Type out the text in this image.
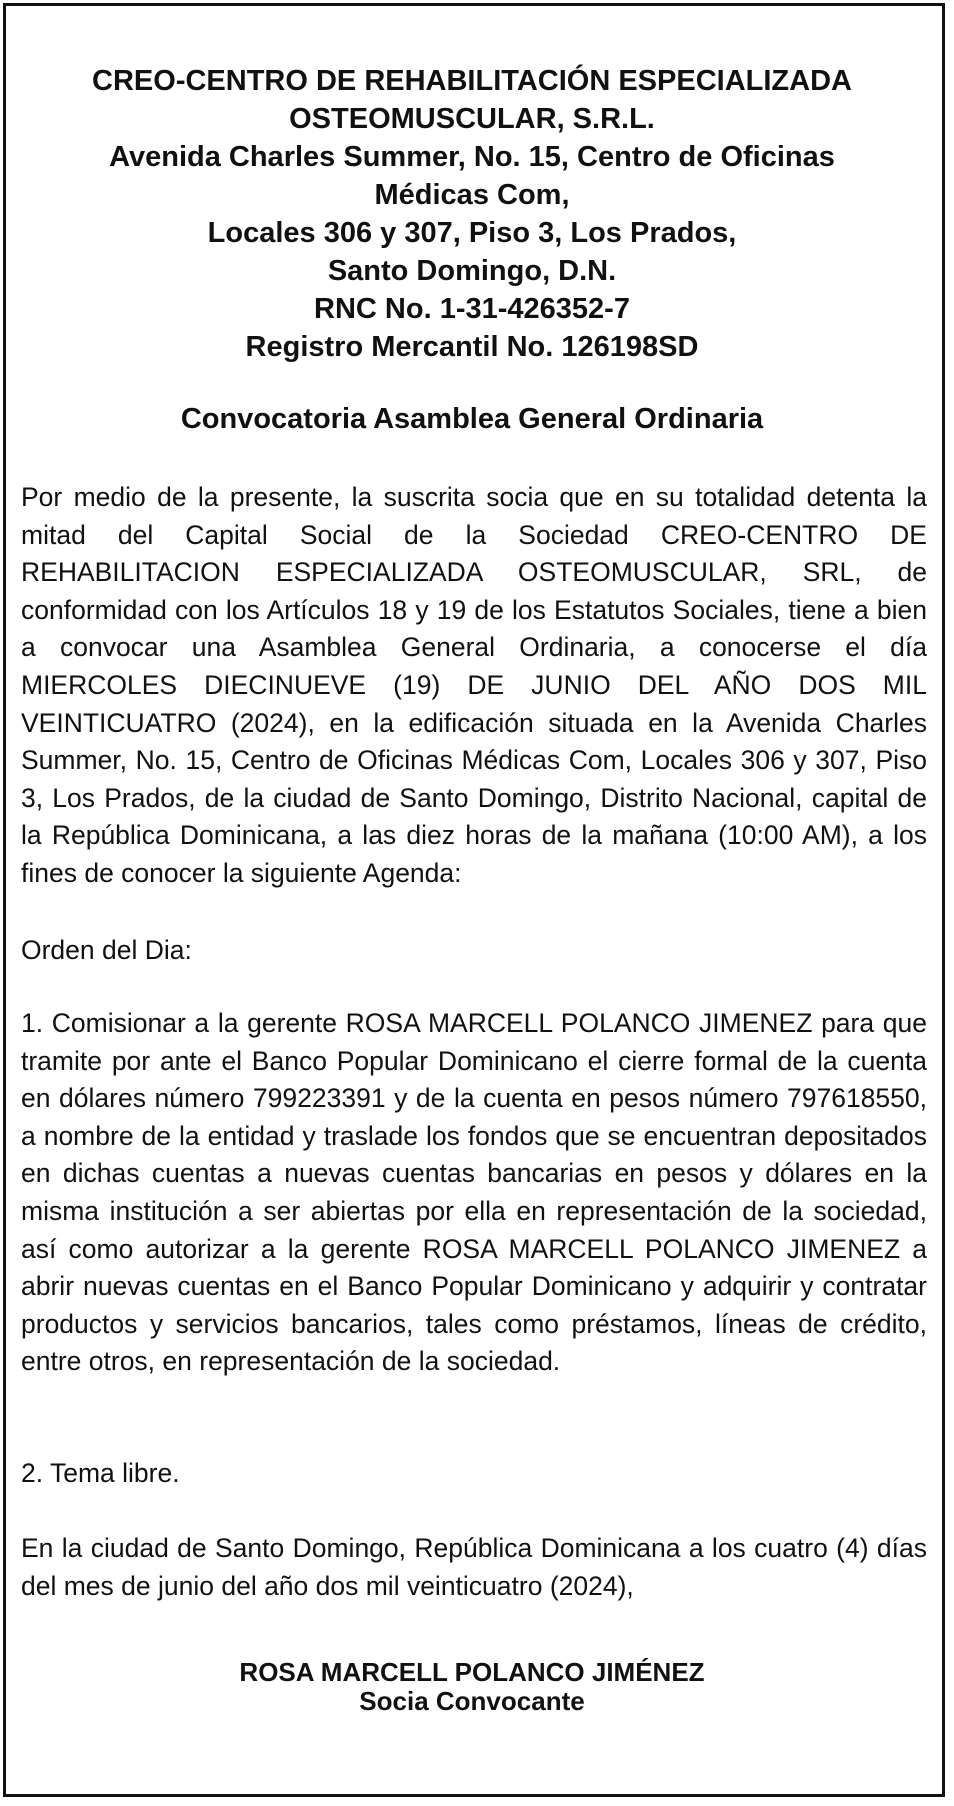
CREO-CENTRO DE REHABILITACIÓN ESPECIALIZADA
OSTEOMUSCULAR, S.R.L.
Avenida Charles Summer, No. 15, Centro de Oficinas
Médicas Com,
Locales 306 y 307, Piso 3, Los Prados,
Santo Domingo, D.N.
RNC No. 1-31-426352-7
Registro Mercantil No. 126198SD
Convocatoria Asamblea General Ordinaria

Por medio de la presente, la suscrita socia que en su totalidad detenta la mitad del Capital Social de la Sociedad CREO-CENTRO DE REHABILITACION ESPECIALIZADA OSTEOMUSCULAR, SRL, de conformidad con los Artículos 18 y 19 de los Estatutos Sociales, tiene a bien a convocar una Asamblea General Ordinaria, a conocerse el día MIERCOLES DIECINUEVE (19) DE JUNIO DEL AÑO DOS MIL VEINTICUATRO (2024), en la edificación situada en la Avenida Charles Summer, No. 15, Centro de Oficinas Médicas Com, Locales 306 y 307, Piso 3, Los Prados, de la ciudad de Santo Domingo, Distrito Nacional, capital de la República Dominicana, a las diez horas de la mañana (10:00 AM), a los fines de conocer la siguiente Agenda:

Orden del Dia:

1. Comisionar a la gerente ROSA MARCELL POLANCO JIMENEZ para que tramite por ante el Banco Popular Dominicano el cierre formal de la cuenta en dólares número 799223391 y de la cuenta en pesos número 797618550, a nombre de la entidad y traslade los fondos que se encuentran depositados en dichas cuentas a nuevas cuentas bancarias en pesos y dólares en la misma institución a ser abiertas por ella en representación de la sociedad, así como autorizar a la gerente ROSA MARCELL POLANCO JIMENEZ a abrir nuevas cuentas en el Banco Popular Dominicano y adquirir y contratar productos y servicios bancarios, tales como préstamos, líneas de crédito, entre otros, en representación de la sociedad.

2. Tema libre.

En la ciudad de Santo Domingo, República Dominicana a los cuatro (4) días del mes de junio del año dos mil veinticuatro (2024),

ROSA MARCELL POLANCO JIMÉNEZ
Socia Convocante
